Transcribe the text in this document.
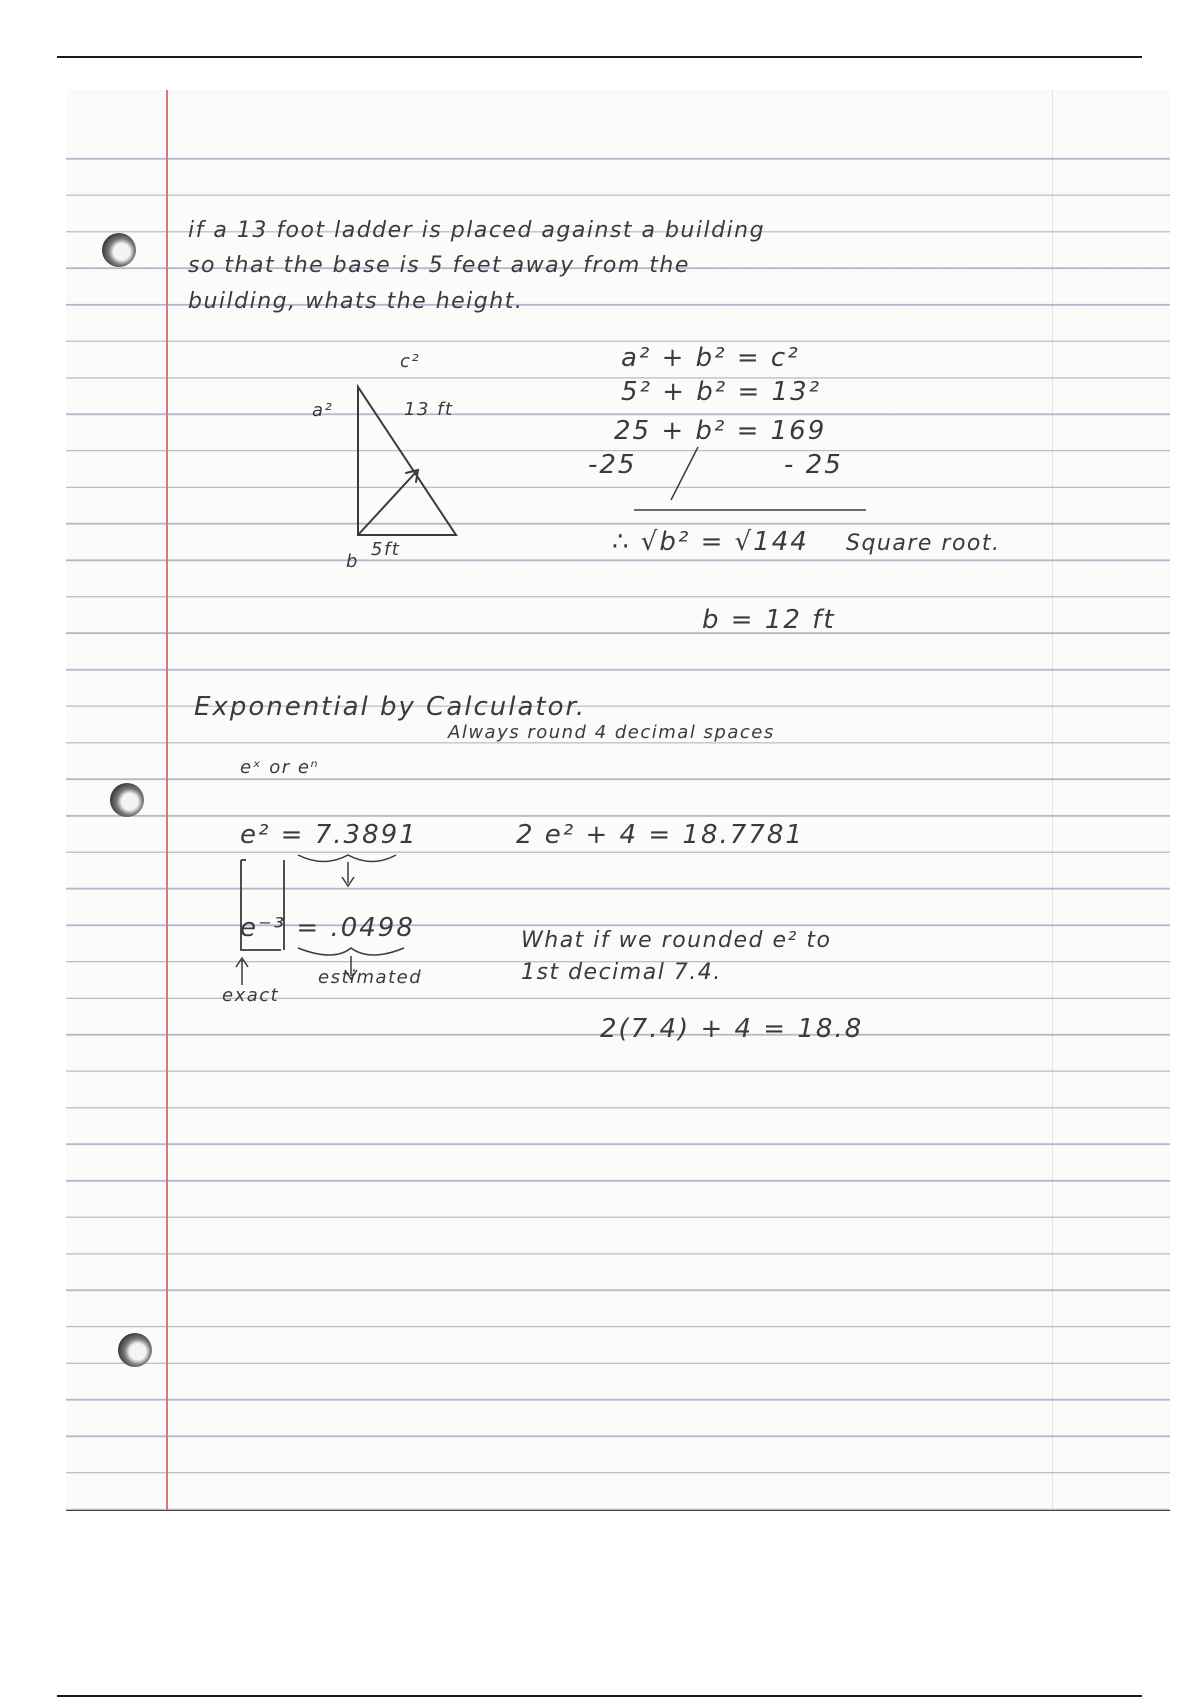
if a 13 foot ladder is placed against a building
so that the base is 5 feet away from the
building, whats the height.
c²
13 ft
a²
5ft
b
a² + b² = c²
5² + b² = 13²
25 + b² = 169
-25	- 25
∴ √b² = √144 Square root.
b = 12 ft
Exponential by Calculator.
Always round 4 decimal spaces
eˣ or eⁿ
e² = 7.3891
e⁻³ = .0498
exact
estimated
2 e² + 4 = 18.7781
What if we rounded e² to
1st decimal 7.4.
2(7.4) + 4 = 18.8
